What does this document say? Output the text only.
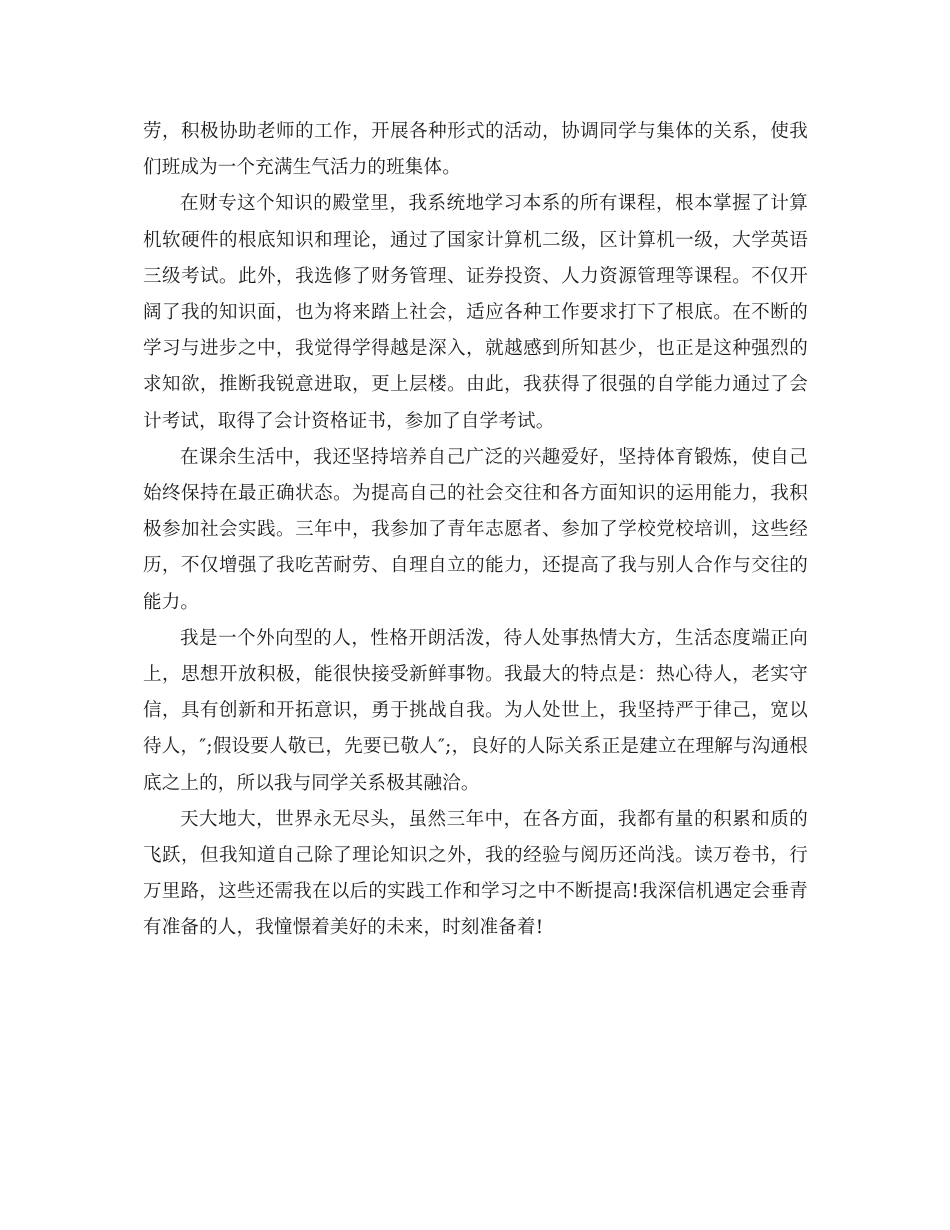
劳，积极协助老师的工作，开展各种形式的活动，协调同学与集体的关系，使我们班成为一个充满生气活力的班集体。

在财专这个知识的殿堂里，我系统地学习本系的所有课程，根本掌握了计算机软硬件的根底知识和理论，通过了国家计算机二级，区计算机一级，大学英语三级考试。此外，我选修了财务管理、证券投资、人力资源管理等课程。不仅开阔了我的知识面，也为将来踏上社会，适应各种工作要求打下了根底。在不断的学习与进步之中，我觉得学得越是深入，就越感到所知甚少，也正是这种强烈的求知欲，推断我锐意进取，更上层楼。由此，我获得了很强的自学能力通过了会计考试，取得了会计资格证书，参加了自学考试。

在课余生活中，我还坚持培养自己广泛的兴趣爱好，坚持体育锻炼，使自己始终保持在最正确状态。为提高自己的社会交往和各方面知识的运用能力，我积极参加社会实践。三年中，我参加了青年志愿者、参加了学校党校培训，这些经历，不仅增强了我吃苦耐劳、自理自立的能力，还提高了我与别人合作与交往的能力。

我是一个外向型的人，性格开朗活泼，待人处事热情大方，生活态度端正向上，思想开放积极，能很快接受新鲜事物。我最大的特点是：热心待人，老实守信，具有创新和开拓意识，勇于挑战自我。为人处世上，我坚持严于律己，宽以待人，″;假设要人敬已，先要已敬人″;，良好的人际关系正是建立在理解与沟通根底之上的，所以我与同学关系极其融洽。

天大地大，世界永无尽头，虽然三年中，在各方面，我都有量的积累和质的飞跃，但我知道自己除了理论知识之外，我的经验与阅历还尚浅。读万卷书，行万里路，这些还需我在以后的实践工作和学习之中不断提高!我深信机遇定会垂青有准备的人，我憧憬着美好的未来，时刻准备着!
